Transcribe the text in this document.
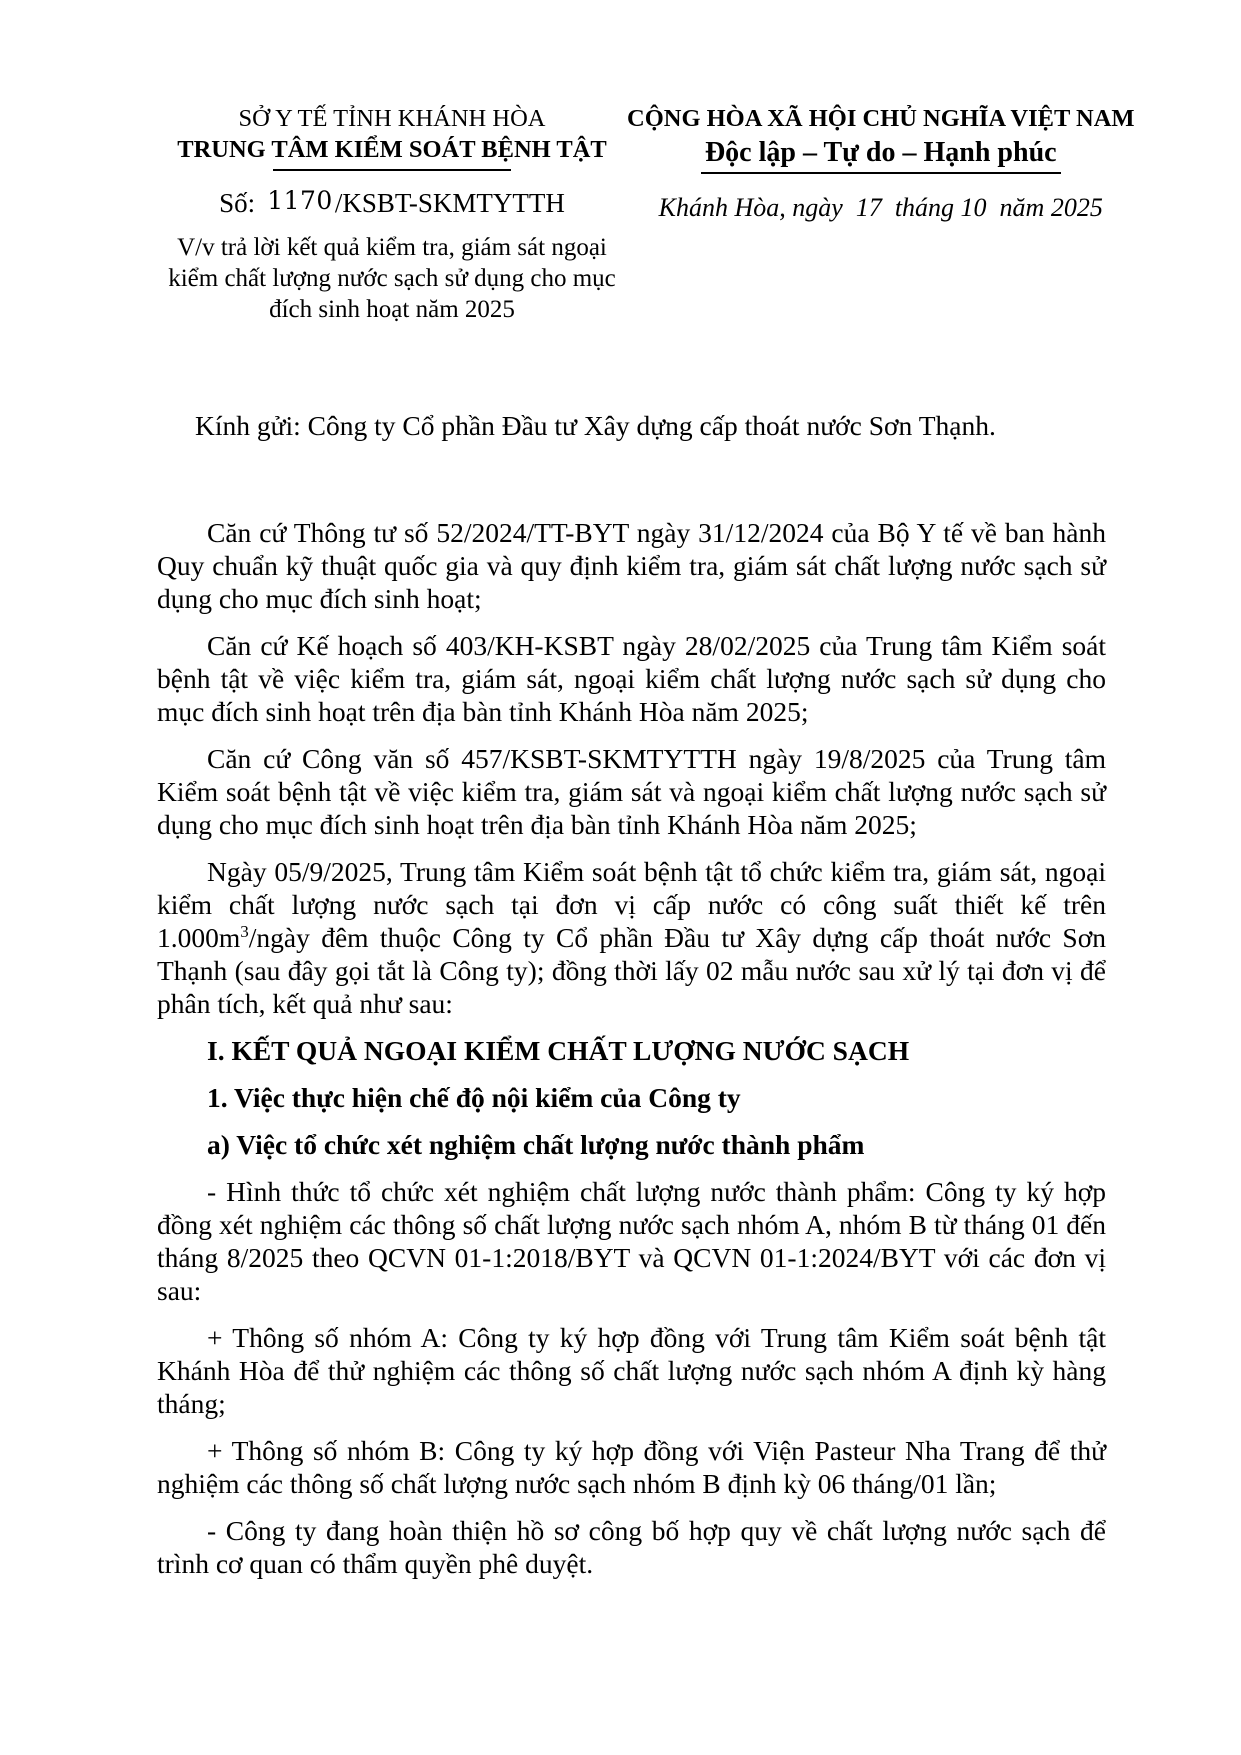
SỞ Y TẾ TỈNH KHÁNH HÒA
TRUNG TÂM KIỂM SOÁT BỆNH TẬT
Số: 1170/KSBT-SKMTYTTH
V/v trả lời kết quả kiểm tra, giám sát ngoại kiểm chất lượng nước sạch sử dụng cho mục đích sinh hoạt năm 2025
CỘNG HÒA XÃ HỘI CHỦ NGHĨA VIỆT NAM
Độc lập – Tự do – Hạnh phúc
Khánh Hòa, ngày  17  tháng 10  năm 2025
Kính gửi: Công ty Cổ phần Đầu tư Xây dựng cấp thoát nước Sơn Thạnh.

Căn cứ Thông tư số 52/2024/TT-BYT ngày 31/12/2024 của Bộ Y tế về ban hành Quy chuẩn kỹ thuật quốc gia và quy định kiểm tra, giám sát chất lượng nước sạch sử dụng cho mục đích sinh hoạt;

Căn cứ Kế hoạch số 403/KH-KSBT ngày 28/02/2025 của Trung tâm Kiểm soát bệnh tật về việc kiểm tra, giám sát, ngoại kiểm chất lượng nước sạch sử dụng cho mục đích sinh hoạt trên địa bàn tỉnh Khánh Hòa năm 2025;

Căn cứ Công văn số 457/KSBT-SKMTYTTH ngày 19/8/2025 của Trung tâm Kiểm soát bệnh tật về việc kiểm tra, giám sát và ngoại kiểm chất lượng nước sạch sử dụng cho mục đích sinh hoạt trên địa bàn tỉnh Khánh Hòa năm 2025;

Ngày 05/9/2025, Trung tâm Kiểm soát bệnh tật tổ chức kiểm tra, giám sát, ngoại kiểm chất lượng nước sạch tại đơn vị cấp nước có công suất thiết kế trên $1.000m^3$/ngày đêm thuộc Công ty Cổ phần Đầu tư Xây dựng cấp thoát nước Sơn Thạnh (sau đây gọi tắt là Công ty); đồng thời lấy 02 mẫu nước sau xử lý tại đơn vị để phân tích, kết quả như sau:

I. KẾT QUẢ NGOẠI KIỂM CHẤT LƯỢNG NƯỚC SẠCH
1. Việc thực hiện chế độ nội kiểm của Công ty
a) Việc tổ chức xét nghiệm chất lượng nước thành phẩm

- Hình thức tổ chức xét nghiệm chất lượng nước thành phẩm: Công ty ký hợp đồng xét nghiệm các thông số chất lượng nước sạch nhóm A, nhóm B từ tháng 01 đến tháng 8/2025 theo QCVN 01-1:2018/BYT và QCVN 01-1:2024/BYT với các đơn vị sau:

+ Thông số nhóm A: Công ty ký hợp đồng với Trung tâm Kiểm soát bệnh tật Khánh Hòa để thử nghiệm các thông số chất lượng nước sạch nhóm A định kỳ hàng tháng;

+ Thông số nhóm B: Công ty ký hợp đồng với Viện Pasteur Nha Trang để thử nghiệm các thông số chất lượng nước sạch nhóm B định kỳ 06 tháng/01 lần;

- Công ty đang hoàn thiện hồ sơ công bố hợp quy về chất lượng nước sạch để trình cơ quan có thẩm quyền phê duyệt.
